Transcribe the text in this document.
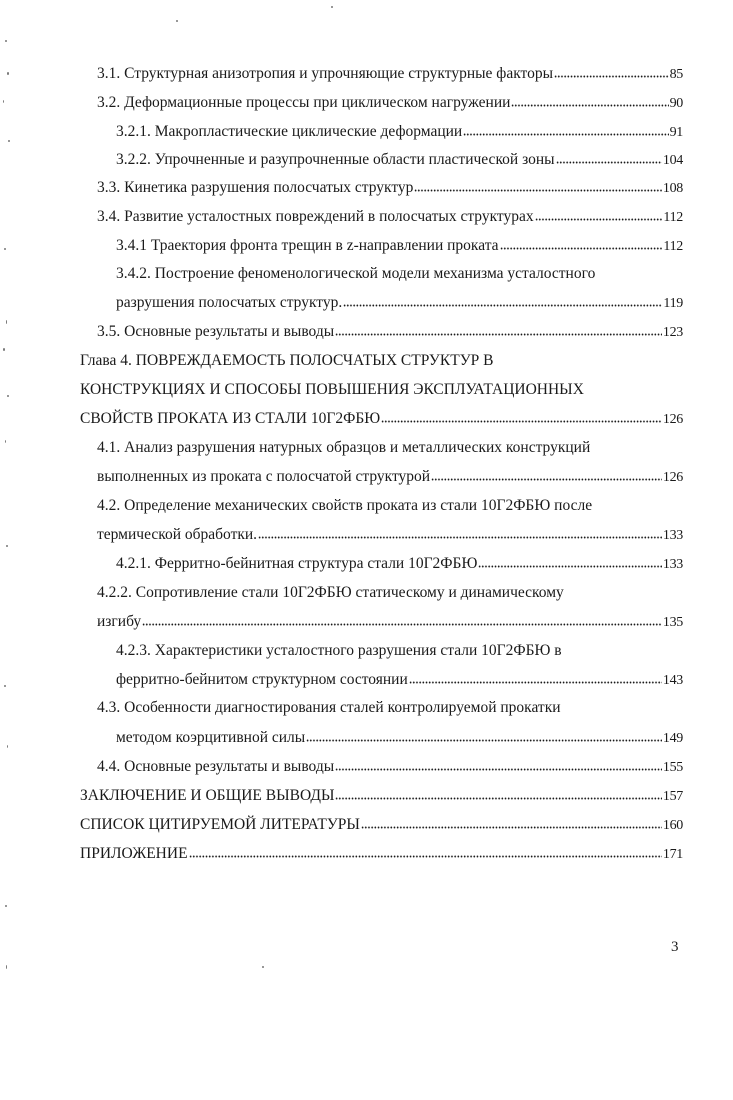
3.1. Структурная анизотропия и упрочняющие структурные факторы	85
3.2. Деформационные процессы при циклическом нагружении	90
3.2.1. Макропластические циклические деформации	91
3.2.2. Упрочненные и разупрочненные области пластической зоны	104
3.3. Кинетика разрушения полосчатых структур	108
3.4. Развитие усталостных повреждений в полосчатых структурах	112
3.4.1 Траектория фронта трещин в z-направлении проката	112
3.4.2. Построение феноменологической модели механизма усталостного
разрушения полосчатых структур.	119
3.5. Основные результаты и выводы	123
Глава 4. ПОВРЕЖДАЕМОСТЬ ПОЛОСЧАТЫХ СТРУКТУР В
КОНСТРУКЦИЯХ И СПОСОБЫ ПОВЫШЕНИЯ ЭКСПЛУАТАЦИОННЫХ
СВОЙСТВ ПРОКАТА ИЗ СТАЛИ 10Г2ФБЮ	126
4.1. Анализ разрушения натурных образцов и металлических конструкций
выполненных из проката с полосчатой структурой	126
4.2. Определение механических свойств проката из стали 10Г2ФБЮ после
термической обработки.	133
4.2.1. Ферритно-бейнитная структура стали 10Г2ФБЮ	133
4.2.2. Сопротивление стали 10Г2ФБЮ статическому и динамическому
изгибу	135
4.2.3. Характеристики усталостного разрушения стали 10Г2ФБЮ в
ферритно-бейнитом структурном состоянии	143
4.3. Особенности диагностирования сталей контролируемой прокатки
методом коэрцитивной силы	149
4.4. Основные результаты и выводы	155
ЗАКЛЮЧЕНИЕ И ОБЩИЕ ВЫВОДЫ	157
СПИСОК ЦИТИРУЕМОЙ ЛИТЕРАТУРЫ	160
ПРИЛОЖЕНИЕ	171
3
